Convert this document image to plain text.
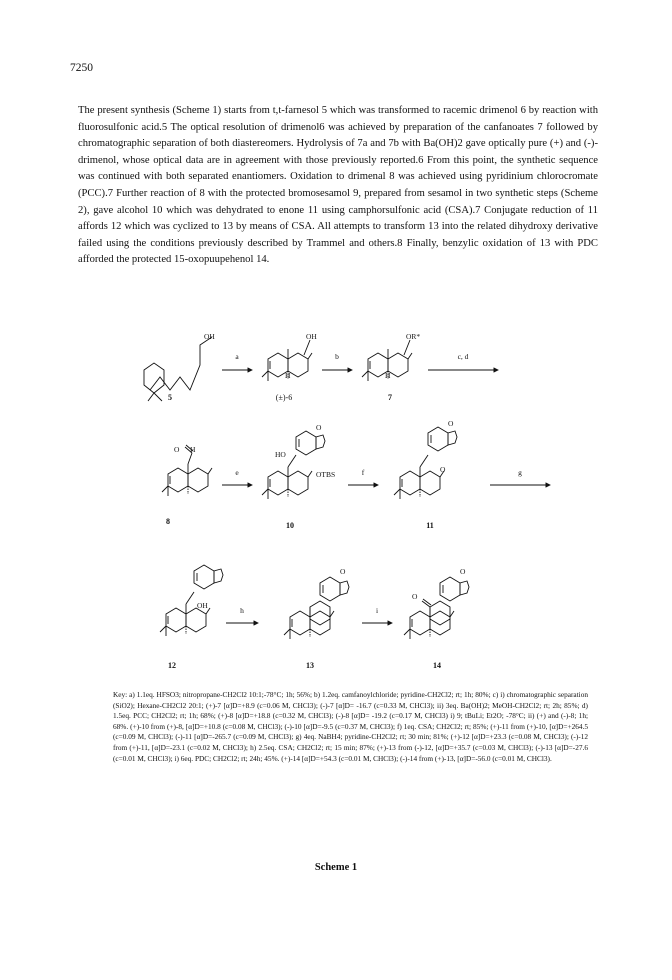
7250

The present synthesis (Scheme 1) starts from t,t-farnesol 5 which was transformed to racemic drimenol 6 by reaction with fluorosulfonic acid.5 The optical resolution of drimenol6 was achieved by preparation of the canfanoates 7 followed by chromatographic separation of both diastereomers. Hydrolysis of 7a and 7b with Ba(OH)2 gave optically pure (+) and (-)-drimenol, whose optical data are in agreement with those previously reported.6 From this point, the synthetic sequence was continued with both separated enantiomers. Oxidation to drimenal 8 was achieved using pyridinium chlorocromate (PCC).7 Further reaction of 8 with the protected bromosesamol 9, prepared from sesamol in two synthetic steps (Scheme 2), gave alcohol 10 which was dehydrated to enone 11 using camphorsulfonic acid (CSA).7 Conjugate reduction of 11 affords 12 which was cyclized to 13 by means of CSA. All attempts to transform 13 into the related dihydroxy derivative failed using the conditions previously described by Trammel and others.8 Finally, benzylic oxidation of 13 with PDC afforded the protected 15-oxopuupehenol 14.

a	b	c, d
e	f	g
h	i
OH	OH	OR*
H	H
O H
HO
OTBS
O	O
O
OH
O	O
O
5	(±)-6	7
8	10	11
12	13	14

Key: a) 1.1eq. HFSO3; nitropropane-CH2Cl2 10:1;-78°C; 1h; 56%; b) 1.2eq. camfanoylchloride; pyridine-CH2Cl2; rt; 1h; 80%; c) i) chromatographic separation (SiO2); Hexane-CH2Cl2 20:1; (+)-7 [α]D=+8.9 (c=0.06 M, CHCl3); (-)-7 [α]D= -16.7 (c=0.33 M, CHCl3); ii) 3eq. Ba(OH)2; MeOH-CH2Cl2; rt; 2h; 85%; d) 1.5eq. PCC; CH2Cl2; rt; 1h; 68%; (+)-8 [α]D=+18.8 (c=0.32 M, CHCl3); (-)-8 [α]D= -19.2 (c=0.17 M, CHCl3) i) 9; tBuLi; Et2O; -78°C; ii) (+) and (-)-8; 1h; 68%. (+)-10 from (+)-8, [α]D=+10.8 (c=0.08 M, CHCl3); (-)-10 [α]D=-9.5 (c=0.37 M, CHCl3); f) 1eq. CSA; CH2Cl2; rt; 85%; (+)-11 from (+)-10, [α]D=+264.5 (c=0.09 M, CHCl3); (-)-11 [α]D=-265.7 (c=0.09 M, CHCl3); g) 4eq. NaBH4; pyridine-CH2Cl2; rt; 30 min; 81%; (+)-12 [α]D=+23.3 (c=0.08 M, CHCl3); (-)-12 from (+)-11, [α]D=-23.1 (c=0.02 M, CHCl3); h) 2.5eq. CSA; CH2Cl2; rt; 15 min; 87%; (+)-13 from (-)-12, [α]D=+35.7 (c=0.03 M, CHCl3); (-)-13 [α]D=-27.6 (c=0.01 M, CHCl3); i) 6eq. PDC; CH2Cl2; rt; 24h; 45%. (+)-14 [α]D=+54.3 (c=0.01 M, CHCl3); (-)-14 from (+)-13, [α]D=-56.0 (c=0.01 M, CHCl3).

Scheme 1
